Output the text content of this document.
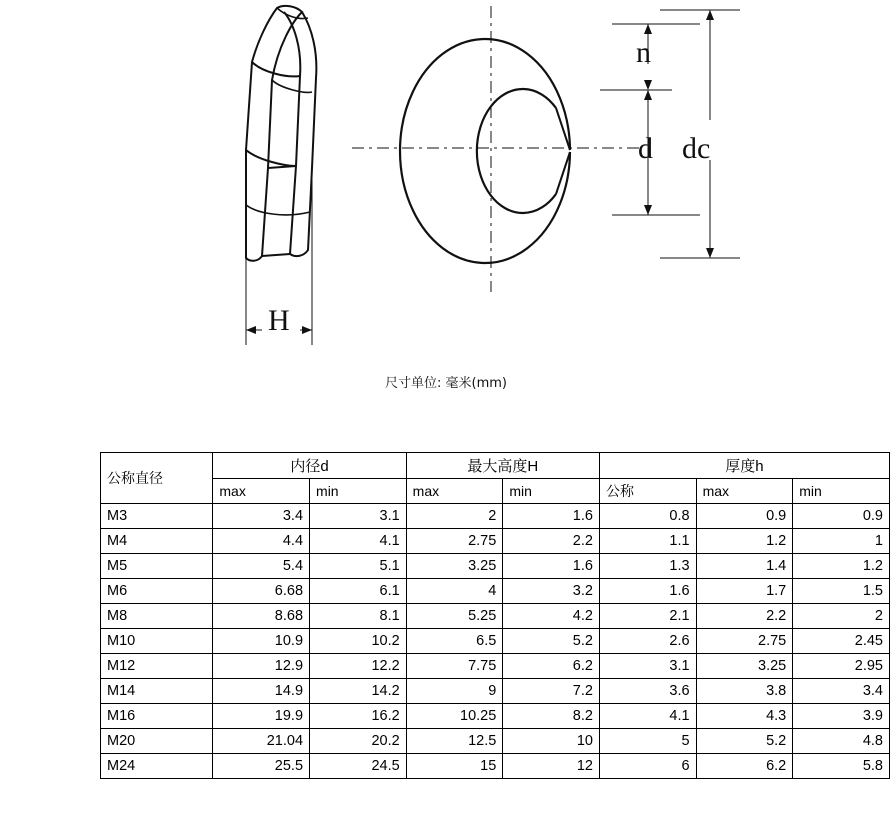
n
d dc
H
尺寸单位: 毫米(mm)
公称直径	内径d		最大高度H		厚度h		
	max	min	max	min	公称	max	min
M3	3.4	3.1	2	1.6	0.8	0.9	0.9
M4	4.4	4.1	2.75	2.2	1.1	1.2	1
M5	5.4	5.1	3.25	1.6	1.3	1.4	1.2
M6	6.68	6.1	4	3.2	1.6	1.7	1.5
M8	8.68	8.1	5.25	4.2	2.1	2.2	2
M10	10.9	10.2	6.5	5.2	2.6	2.75	2.45
M12	12.9	12.2	7.75	6.2	3.1	3.25	2.95
M14	14.9	14.2	9	7.2	3.6	3.8	3.4
M16	19.9	16.2	10.25	8.2	4.1	4.3	3.9
M20	21.04	20.2	12.5	10	5	5.2	4.8
M24	25.5	24.5	15	12	6	6.2	5.8
